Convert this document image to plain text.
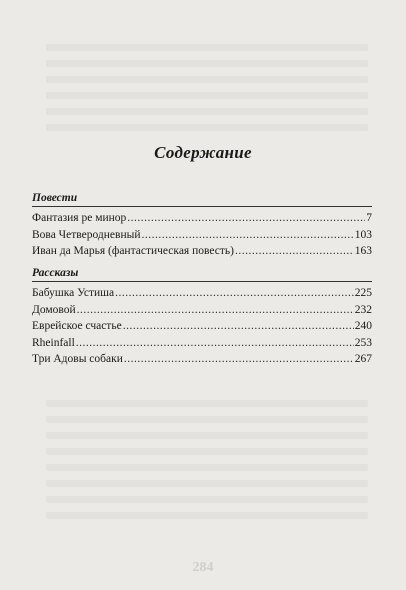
Содержание
Повести
Фантазия ре минор .....	7
Вова Четверодневный .....	103
Иван да Марья (фантастическая повесть) .....	163
Рассказы
Бабушка Устиша .....	225
Домовой .....	232
Еврейское счастье .....	240
Rheinfall .....	253
Три Адовы собаки .....	267
284
